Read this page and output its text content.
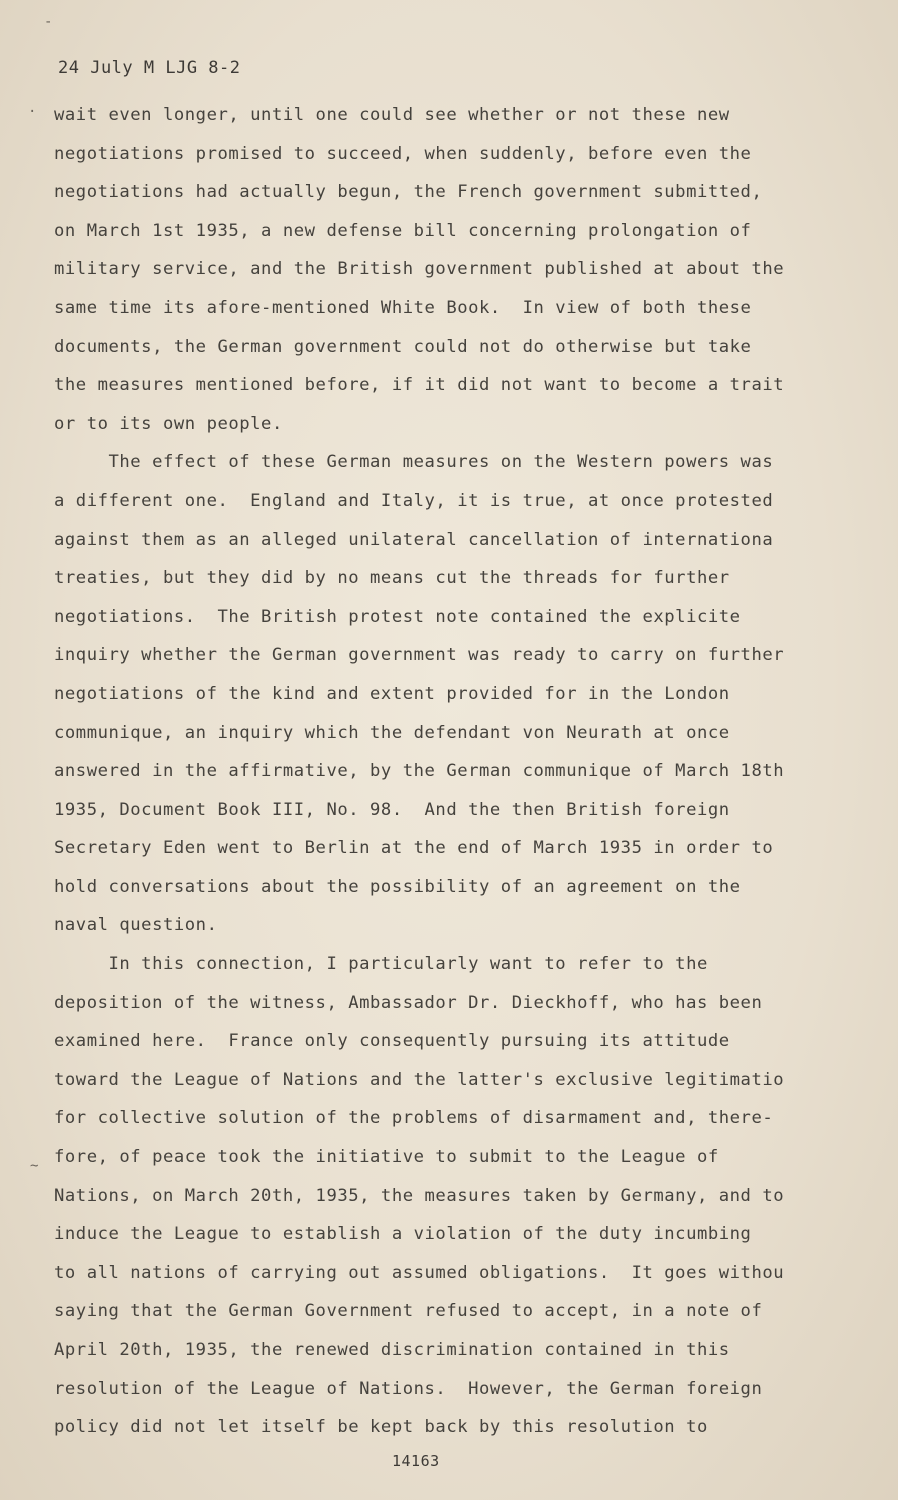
-
·
~
24 July M LJG 8-2
wait even longer, until one could see whether or not these new
negotiations promised to succeed, when suddenly, before even the
negotiations had actually begun, the French government submitted,
on March 1st 1935, a new defense bill concerning prolongation of
military service, and the British government published at about the
same time its afore-mentioned White Book.  In view of both these
documents, the German government could not do otherwise but take
the measures mentioned before, if it did not want to become a trait
or to its own people.
The effect of these German measures on the Western powers was
a different one.  England and Italy, it is true, at once protested
against them as an alleged unilateral cancellation of internationa
treaties, but they did by no means cut the threads for further
negotiations.  The British protest note contained the explicite
inquiry whether the German government was ready to carry on further
negotiations of the kind and extent provided for in the London
communique, an inquiry which the defendant von Neurath at once
answered in the affirmative, by the German communique of March 18th
1935, Document Book III, No. 98.  And the then British foreign
Secretary Eden went to Berlin at the end of March 1935 in order to
hold conversations about the possibility of an agreement on the
naval question.
In this connection, I particularly want to refer to the
deposition of the witness, Ambassador Dr. Dieckhoff, who has been
examined here.  France only consequently pursuing its attitude
toward the League of Nations and the latter's exclusive legitimatio
for collective solution of the problems of disarmament and, there-
fore, of peace took the initiative to submit to the League of
Nations, on March 20th, 1935, the measures taken by Germany, and to
induce the League to establish a violation of the duty incumbing
to all nations of carrying out assumed obligations.  It goes withou
saying that the German Government refused to accept, in a note of
April 20th, 1935, the renewed discrimination contained in this
resolution of the League of Nations.  However, the German foreign
policy did not let itself be kept back by this resolution to
14163
